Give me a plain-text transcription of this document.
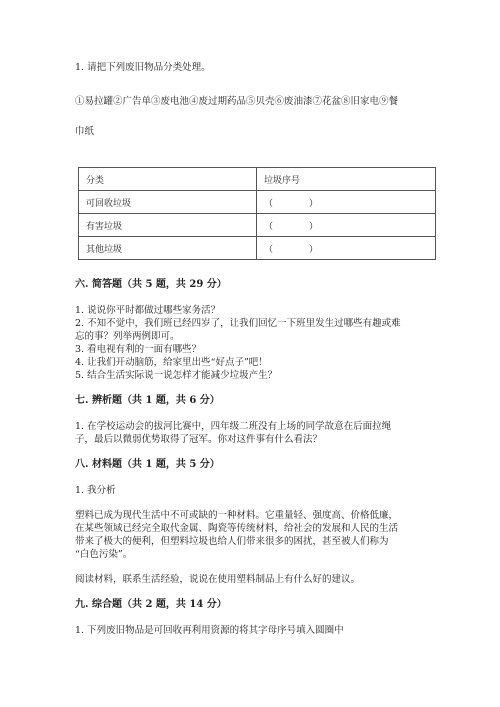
1. 请把下列废旧物品分类处理。
①易拉罐②广告单③废电池④废过期药品⑤贝壳⑥废油漆⑦花盆⑧旧家电⑨餐
巾纸
分类	垃圾序号
可回收垃圾	（　　　　）
有害垃圾	（　　　　）
其他垃圾	（　　　　）
六. 简答题（共 5 题，共 29 分）
1. 说说你平时都做过哪些家务活？
2. 不知不觉中，我们班已经四岁了，让我们回忆一下班里发生过哪些有趣或难
忘的事？列举两例即可。
3. 看电视有利的一面有哪些？
4. 让我们开动脑筋，给家里出些“好点子”吧！
5. 结合生活实际说一说怎样才能减少垃圾产生？
七. 辨析题（共 1 题，共 6 分）
1. 在学校运动会的拔河比赛中，四年级二班没有上场的同学故意在后面拉绳
子，最后以微弱优势取得了冠军。你对这件事有什么看法？
八. 材料题（共 1 题，共 5 分）
1. 我分析
塑料已成为现代生活中不可或缺的一种材料。它重量轻、强度高、价格低廉，
在某些领域已经完全取代金属、陶瓷等传统材料，给社会的发展和人民的生活
带来了极大的便利，但塑料垃圾也给人们带来很多的困扰，甚至被人们称为
“白色污染”。
阅读材料，联系生活经验，说说在使用塑料制品上有什么好的建议。
九. 综合题（共 2 题，共 14 分）
1. 下列废旧物品是可回收再利用资源的将其字母序号填入圆圈中
